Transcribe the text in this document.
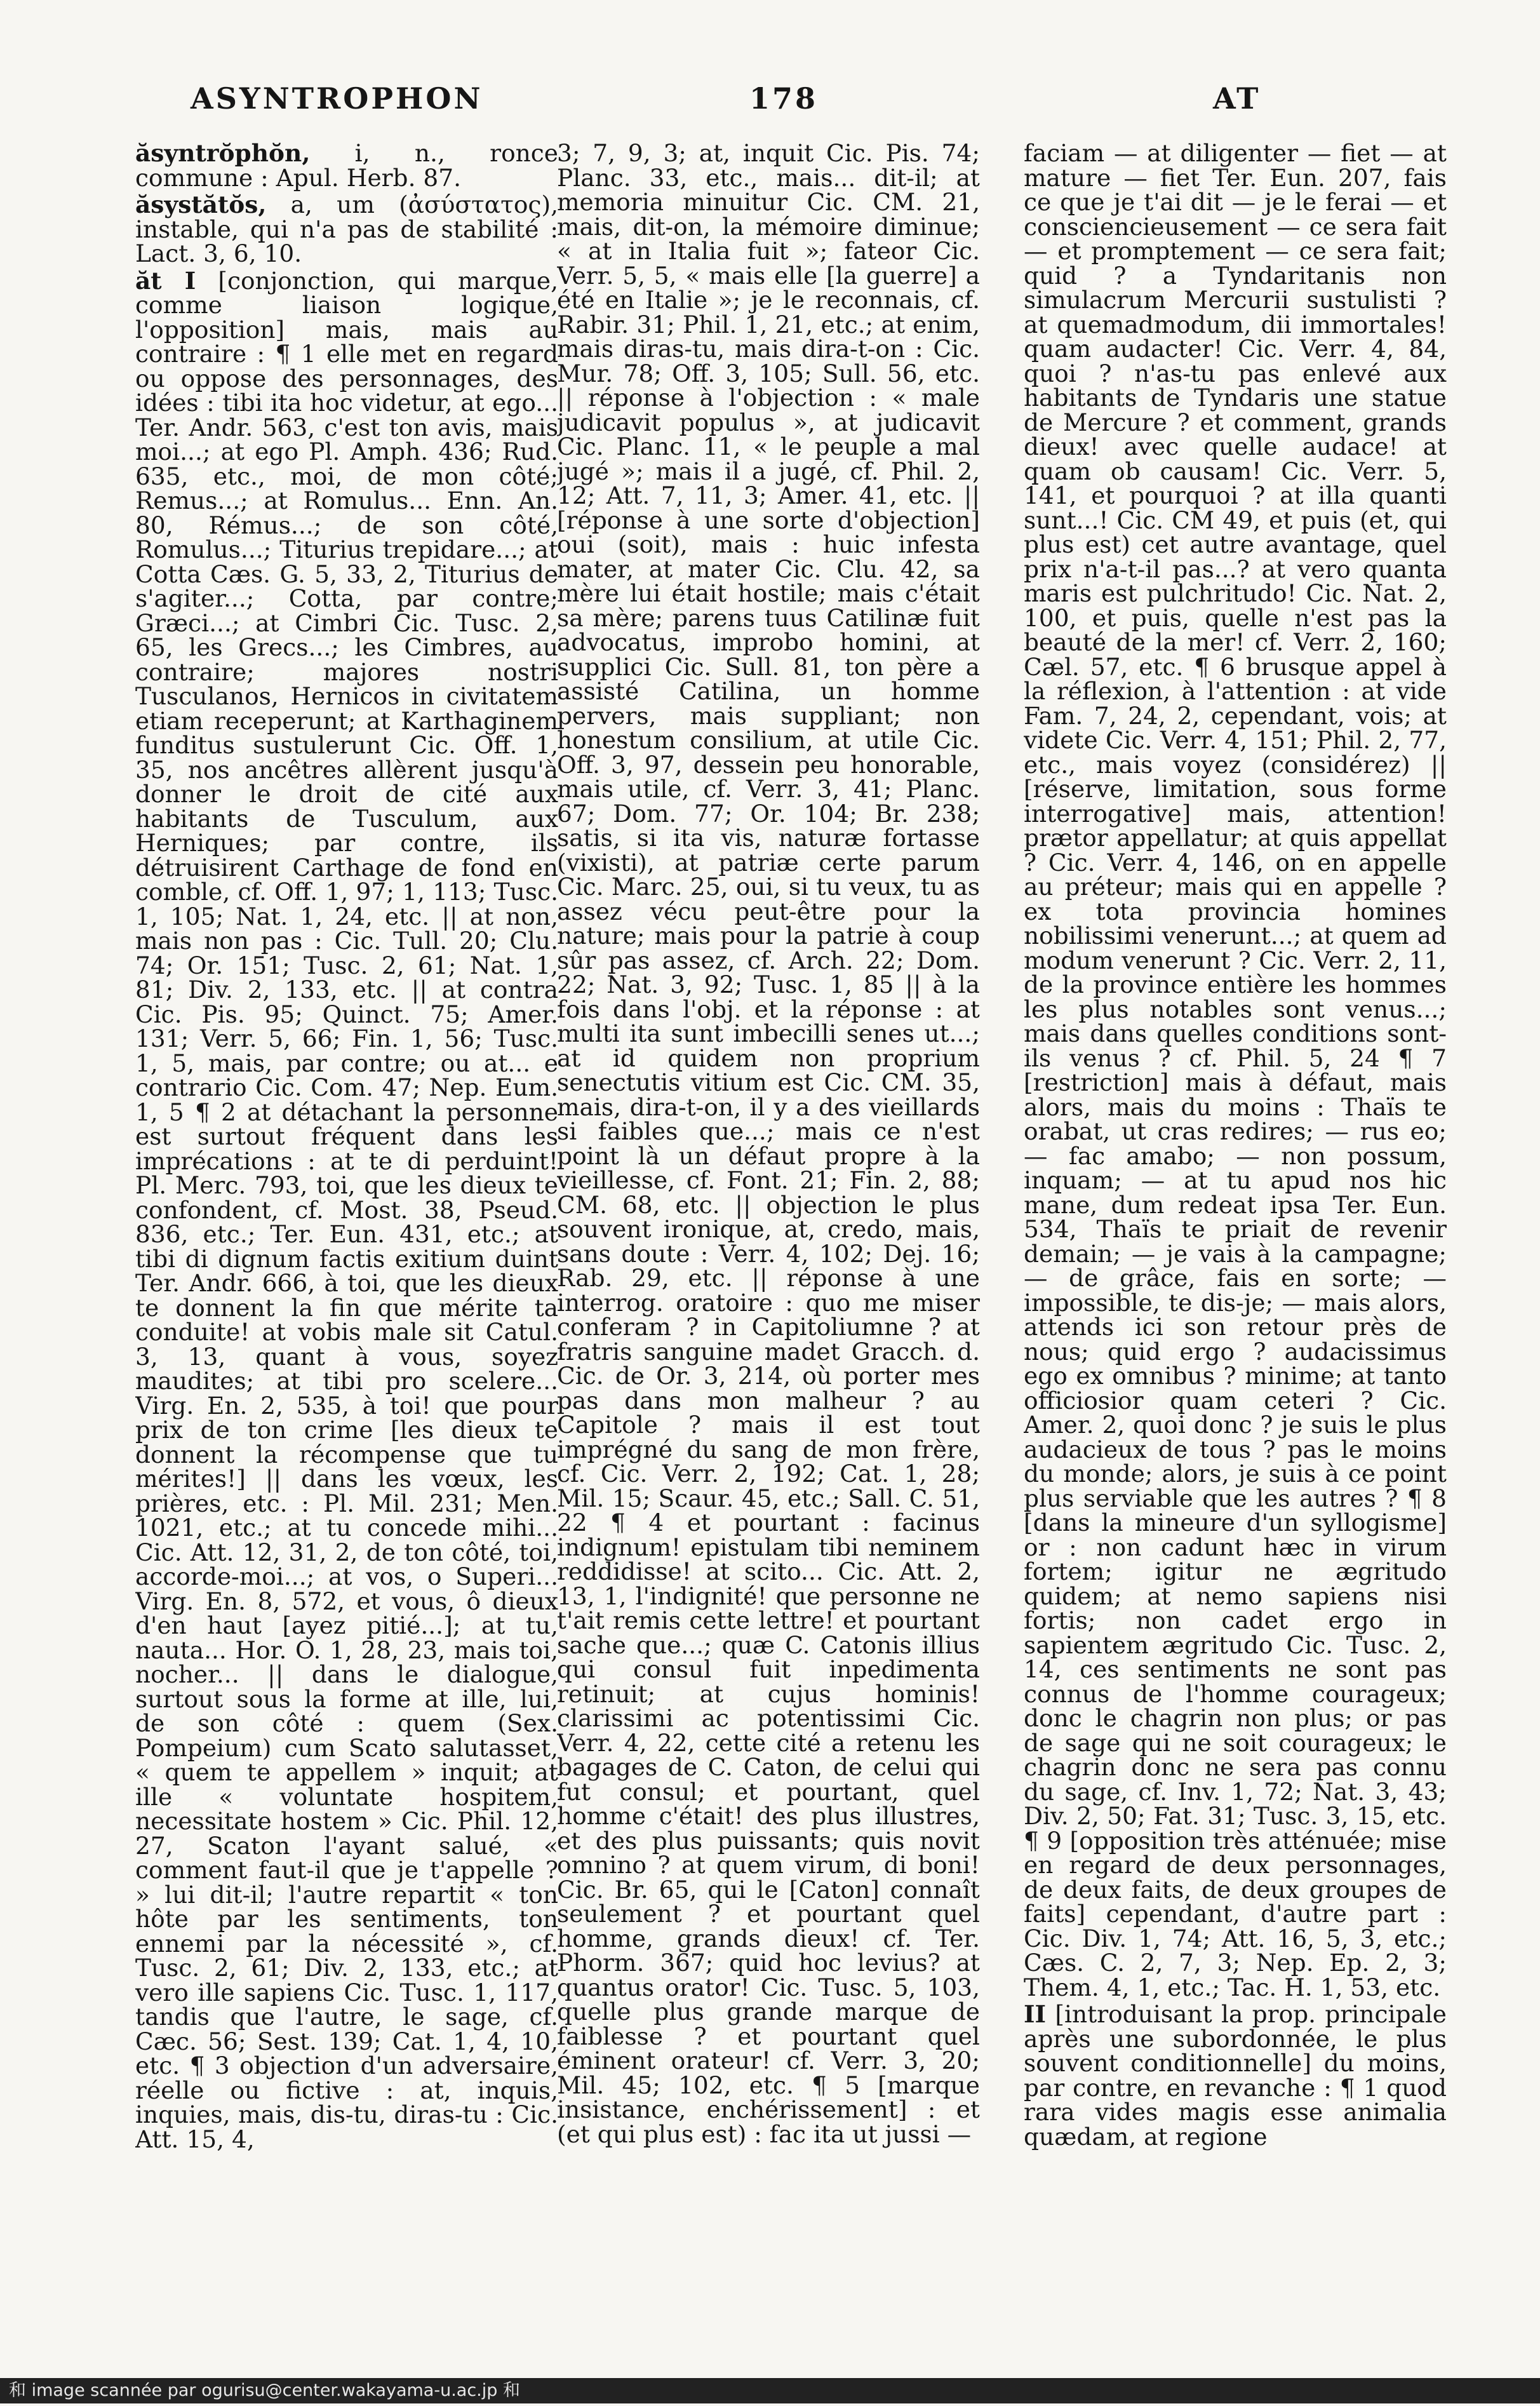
ASYNTROPHON	178	AT

ăsyntrŏphŏn, i, n., ronce commune : Apul. Herb. 87.

ăsystătŏs, a, um (ἀσύστατος), instable, qui n'a pas de stabilité : Lact. 3, 6, 10.

ăt I [conjonction, qui marque, comme liaison logique, l'opposition] mais, mais au contraire : ¶ 1 elle met en regard ou oppose des personnages, des idées : tibi ita hoc videtur, at ego... Ter. Andr. 563, c'est ton avis, mais moi...; at ego Pl. Amph. 436; Rud. 635, etc., moi, de mon côté; Remus...; at Romulus... Enn. An. 80, Rémus...; de son côté, Romulus...; Titurius trepidare...; at Cotta Cæs. G. 5, 33, 2, Titurius de s'agiter...; Cotta, par contre; Græci...; at Cimbri Cic. Tusc. 2, 65, les Grecs...; les Cimbres, au contraire; majores nostri Tusculanos, Hernicos in civitatem etiam receperunt; at Karthaginem funditus sustulerunt Cic. Off. 1, 35, nos ancêtres allèrent jusqu'à donner le droit de cité aux habitants de Tusculum, aux Herniques; par contre, ils détruisirent Carthage de fond en comble, cf. Off. 1, 97; 1, 113; Tusc. 1, 105; Nat. 1, 24, etc. || at non, mais non pas : Cic. Tull. 20; Clu. 74; Or. 151; Tusc. 2, 61; Nat. 1, 81; Div. 2, 133, etc. || at contra Cic. Pis. 95; Quinct. 75; Amer. 131; Verr. 5, 66; Fin. 1, 56; Tusc. 1, 5, mais, par contre; ou at... e contrario Cic. Com. 47; Nep. Eum. 1, 5 ¶ 2 at détachant la personne est surtout fréquent dans les imprécations : at te di perduint! Pl. Merc. 793, toi, que les dieux te confondent, cf. Most. 38, Pseud. 836, etc.; Ter. Eun. 431, etc.; at tibi di dignum factis exitium duint Ter. Andr. 666, à toi, que les dieux te donnent la fin que mérite ta conduite! at vobis male sit Catul. 3, 13, quant à vous, soyez maudites; at tibi pro scelere... Virg. En. 2, 535, à toi! que pour prix de ton crime [les dieux te donnent la récompense que tu mérites!] || dans les vœux, les prières, etc. : Pl. Mil. 231; Men. 1021, etc.; at tu concede mihi... Cic. Att. 12, 31, 2, de ton côté, toi, accorde-moi...; at vos, o Superi... Virg. En. 8, 572, et vous, ô dieux d'en haut [ayez pitié...]; at tu, nauta... Hor. O. 1, 28, 23, mais toi, nocher... || dans le dialogue, surtout sous la forme at ille, lui, de son côté : quem (Sex. Pompeium) cum Scato salutasset, « quem te appellem » inquit; at ille « voluntate hospitem, necessitate hostem » Cic. Phil. 12, 27, Scaton l'ayant salué, « comment faut-il que je t'appelle ? » lui dit-il; l'autre repartit « ton hôte par les sentiments, ton ennemi par la nécessité », cf. Tusc. 2, 61; Div. 2, 133, etc.; at vero ille sapiens Cic. Tusc. 1, 117, tandis que l'autre, le sage, cf. Cæc. 56; Sest. 139; Cat. 1, 4, 10, etc. ¶ 3 objection d'un adversaire, réelle ou fictive : at, inquis, inquies, mais, dis-tu, diras-tu : Cic. Att. 15, 4,

3; 7, 9, 3; at, inquit Cic. Pis. 74; Planc. 33, etc., mais... dit-il; at memoria minuitur Cic. CM. 21, mais, dit-on, la mémoire diminue; « at in Italia fuit »; fateor Cic. Verr. 5, 5, « mais elle [la guerre] a été en Italie »; je le reconnais, cf. Rabir. 31; Phil. 1, 21, etc.; at enim, mais diras-tu, mais dira-t-on : Cic. Mur. 78; Off. 3, 105; Sull. 56, etc. || réponse à l'objection : « male judicavit populus », at judicavit Cic. Planc. 11, « le peuple a mal jugé »; mais il a jugé, cf. Phil. 2, 12; Att. 7, 11, 3; Amer. 41, etc. || [réponse à une sorte d'objection] oui (soit), mais : huic infesta mater, at mater Cic. Clu. 42, sa mère lui était hostile; mais c'était sa mère; parens tuus Catilinæ fuit advocatus, improbo homini, at supplici Cic. Sull. 81, ton père a assisté Catilina, un homme pervers, mais suppliant; non honestum consilium, at utile Cic. Off. 3, 97, dessein peu honorable, mais utile, cf. Verr. 3, 41; Planc. 67; Dom. 77; Or. 104; Br. 238; satis, si ita vis, naturæ fortasse (vixisti), at patriæ certe parum Cic. Marc. 25, oui, si tu veux, tu as assez vécu peut-être pour la nature; mais pour la patrie à coup sûr pas assez, cf. Arch. 22; Dom. 22; Nat. 3, 92; Tusc. 1, 85 || à la fois dans l'obj. et la réponse : at multi ita sunt imbecilli senes ut...; at id quidem non proprium senectutis vitium est Cic. CM. 35, mais, dira-t-on, il y a des vieillards si faibles que...; mais ce n'est point là un défaut propre à la vieillesse, cf. Font. 21; Fin. 2, 88; CM. 68, etc. || objection le plus souvent ironique, at, credo, mais, sans doute : Verr. 4, 102; Dej. 16; Rab. 29, etc. || réponse à une interrog. oratoire : quo me miser conferam ? in Capitoliumne ? at fratris sanguine madet Gracch. d. Cic. de Or. 3, 214, où porter mes pas dans mon malheur ? au Capitole ? mais il est tout imprégné du sang de mon frère, cf. Cic. Verr. 2, 192; Cat. 1, 28; Mil. 15; Scaur. 45, etc.; Sall. C. 51, 22 ¶ 4 et pourtant : facinus indignum! epistulam tibi neminem reddidisse! at scito... Cic. Att. 2, 13, 1, l'indignité! que personne ne t'ait remis cette lettre! et pourtant sache que...; quæ C. Catonis illius qui consul fuit inpedimenta retinuit; at cujus hominis! clarissimi ac potentissimi Cic. Verr. 4, 22, cette cité a retenu les bagages de C. Caton, de celui qui fut consul; et pourtant, quel homme c'était! des plus illustres, et des plus puissants; quis novit omnino ? at quem virum, di boni! Cic. Br. 65, qui le [Caton] connaît seulement ? et pourtant quel homme, grands dieux! cf. Ter. Phorm. 367; quid hoc levius? at quantus orator! Cic. Tusc. 5, 103, quelle plus grande marque de faiblesse ? et pourtant quel éminent orateur! cf. Verr. 3, 20; Mil. 45; 102, etc. ¶ 5 [marque insistance, enchérissement] : et (et qui plus est) : fac ita ut jussi —

faciam — at diligenter — fiet — at mature — fiet Ter. Eun. 207, fais ce que je t'ai dit — je le ferai — et consciencieusement — ce sera fait — et promptement — ce sera fait; quid ? a Tyndaritanis non simulacrum Mercurii sustulisti ? at quemadmodum, dii immortales! quam audacter! Cic. Verr. 4, 84, quoi ? n'as-tu pas enlevé aux habitants de Tyndaris une statue de Mercure ? et comment, grands dieux! avec quelle audace! at quam ob causam! Cic. Verr. 5, 141, et pourquoi ? at illa quanti sunt...! Cic. CM 49, et puis (et, qui plus est) cet autre avantage, quel prix n'a-t-il pas...? at vero quanta maris est pulchritudo! Cic. Nat. 2, 100, et puis, quelle n'est pas la beauté de la mer! cf. Verr. 2, 160; Cæl. 57, etc. ¶ 6 brusque appel à la réflexion, à l'attention : at vide Fam. 7, 24, 2, cependant, vois; at videte Cic. Verr. 4, 151; Phil. 2, 77, etc., mais voyez (considérez) || [réserve, limitation, sous forme interrogative] mais, attention! prætor appellatur; at quis appellat ? Cic. Verr. 4, 146, on en appelle au préteur; mais qui en appelle ? ex tota provincia homines nobilissimi venerunt...; at quem ad modum venerunt ? Cic. Verr. 2, 11, de la province entière les hommes les plus notables sont venus...; mais dans quelles conditions sont-ils venus ? cf. Phil. 5, 24 ¶ 7 [restriction] mais à défaut, mais alors, mais du moins : Thaïs te orabat, ut cras redires; — rus eo; — fac amabo; — non possum, inquam; — at tu apud nos hic mane, dum redeat ipsa Ter. Eun. 534, Thaïs te priait de revenir demain; — je vais à la campagne; — de grâce, fais en sorte; — impossible, te dis-je; — mais alors, attends ici son retour près de nous; quid ergo ? audacissimus ego ex omnibus ? minime; at tanto officiosior quam ceteri ? Cic. Amer. 2, quoi donc ? je suis le plus audacieux de tous ? pas le moins du monde; alors, je suis à ce point plus serviable que les autres ? ¶ 8 [dans la mineure d'un syllogisme] or : non cadunt hæc in virum fortem; igitur ne ægritudo quidem; at nemo sapiens nisi fortis; non cadet ergo in sapientem ægritudo Cic. Tusc. 2, 14, ces sentiments ne sont pas connus de l'homme courageux; donc le chagrin non plus; or pas de sage qui ne soit courageux; le chagrin donc ne sera pas connu du sage, cf. Inv. 1, 72; Nat. 3, 43; Div. 2, 50; Fat. 31; Tusc. 3, 15, etc. ¶ 9 [opposition très atténuée; mise en regard de deux personnages, de deux faits, de deux groupes de faits] cependant, d'autre part : Cic. Div. 1, 74; Att. 16, 5, 3, etc.; Cæs. C. 2, 7, 3; Nep. Ep. 2, 3; Them. 4, 1, etc.; Tac. H. 1, 53, etc.

II [introduisant la prop. principale après une subordonnée, le plus souvent conditionnelle] du moins, par contre, en revanche : ¶ 1 quod rara vides magis esse animalia quædam, at regione

和 image scannée par ogurisu@center.wakayama-u.ac.jp 和
